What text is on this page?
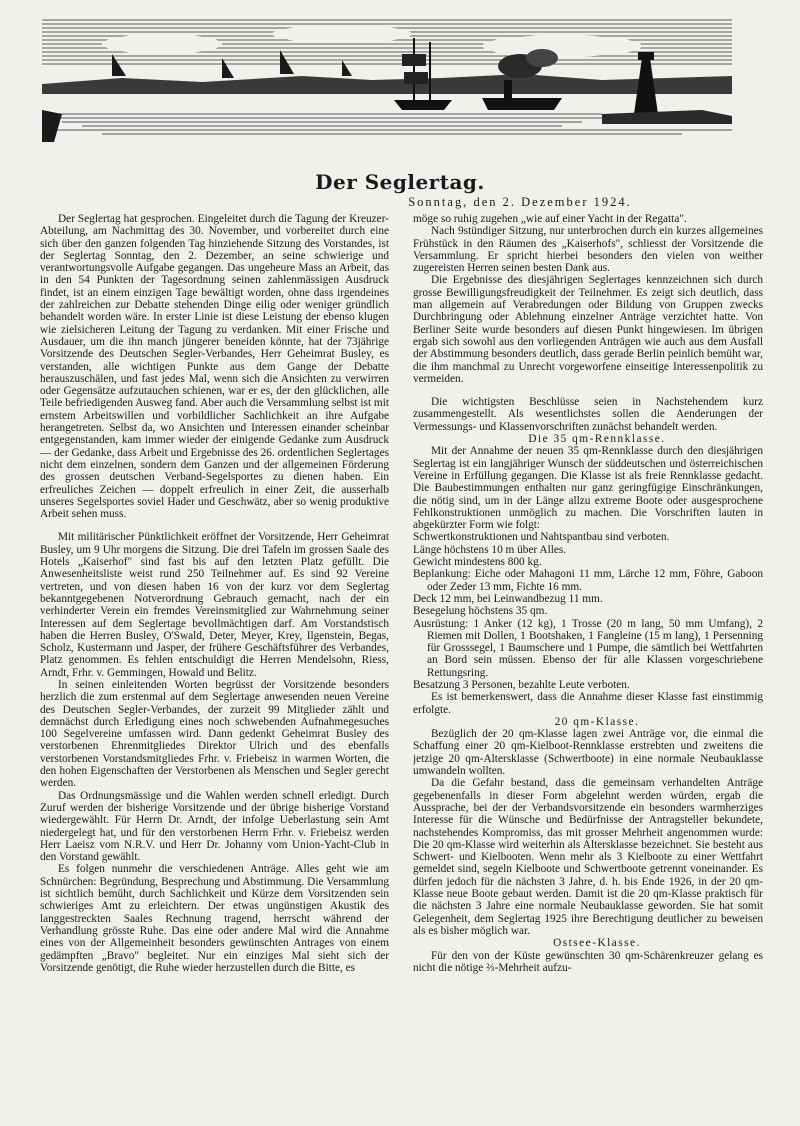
Der Seglertag.
Sonntag, den 2. Dezember 1924.

Der Seglertag hat gesprochen. Eingeleitet durch die Tagung der Kreuzer-Abteilung, am Nachmittag des 30. November, und vorbereitet durch eine sich über den ganzen folgenden Tag hinziehende Sitzung des Vorstandes, ist der Seglertag Sonntag, den 2. Dezember, an seine schwierige und verantwortungsvolle Aufgabe gegangen. Das ungeheure Mass an Arbeit, das in den 54 Punkten der Tagesordnung seinen zahlenmässigen Ausdruck findet, ist an einem einzigen Tage bewältigt worden, ohne dass irgendeines der zahlreichen zur Debatte stehenden Dinge eilig oder weniger gründlich behandelt worden wäre. In erster Linie ist diese Leistung der ebenso klugen wie zielsicheren Leitung der Tagung zu verdanken. Mit einer Frische und Ausdauer, um die ihn manch jüngerer beneiden könnte, hat der 73jährige Vorsitzende des Deutschen Segler-Verbandes, Herr Geheimrat Busley, es verstanden, alle wichtigen Punkte aus dem Gange der Debatte herauszuschälen, und fast jedes Mal, wenn sich die Ansichten zu verwirren oder Gegensätze aufzutauchen schienen, war er es, der den glücklichen, alle Teile befriedigenden Ausweg fand. Aber auch die Versammlung selbst ist mit ernstem Arbeitswillen und vorbildlicher Sachlichkeit an ihre Aufgabe herangetreten. Selbst da, wo Ansichten und Interessen einander scheinbar entgegenstanden, kam immer wieder der einigende Gedanke zum Ausdruck — der Gedanke, dass Arbeit und Ergebnisse des 26. ordentlichen Seglertages nicht dem einzelnen, sondern dem Ganzen und der allgemeinen Förderung des grossen deutschen Verband-Segelsportes zu dienen haben. Ein erfreuliches Zeichen — doppelt erfreulich in einer Zeit, die ausserhalb unseres Segelsportes soviel Hader und Geschwätz, aber so wenig produktive Arbeit sehen muss.

Mit militärischer Pünktlichkeit eröffnet der Vorsitzende, Herr Geheimrat Busley, um 9 Uhr morgens die Sitzung. Die drei Tafeln im grossen Saale des Hotels „Kaiserhof" sind fast bis auf den letzten Platz gefüllt. Die Anwesenheitsliste weist rund 250 Teilnehmer auf. Es sind 92 Vereine vertreten, und von diesen haben 16 von der kurz vor dem Seglertag bekanntgegebenen Notverordnung Gebrauch gemacht, nach der ein verhinderter Verein ein fremdes Vereinsmitglied zur Wahrnehmung seiner Interessen auf dem Seglertage bevollmächtigen darf. Am Vorstandstisch haben die Herren Busley, O'Swald, Deter, Meyer, Krey, Ilgenstein, Begas, Scholz, Kustermann und Jasper, der frühere Geschäftsführer des Verbandes, Platz genommen. Es fehlen entschuldigt die Herren Mendelsohn, Riess, Arndt, Frhr. v. Gemmingen, Howald und Belitz.

In seinen einleitenden Worten begrüsst der Vorsitzende besonders herzlich die zum erstenmal auf dem Seglertage anwesenden neuen Vereine des Deutschen Segler-Verbandes, der zurzeit 99 Mitglieder zählt und demnächst durch Erledigung eines noch schwebenden Aufnahmegesuches 100 Segelvereine umfassen wird. Dann gedenkt Geheimrat Busley des verstorbenen Ehrenmitgliedes Direktor Ulrich und des ebenfalls verstorbenen Vorstandsmitgliedes Frhr. v. Friebeisz in warmen Worten, die den hohen Eigenschaften der Verstorbenen als Menschen und Segler gerecht werden.

Das Ordnungsmässige und die Wahlen werden schnell erledigt. Durch Zuruf werden der bisherige Vorsitzende und der übrige bisherige Vorstand wiedergewählt. Für Herrn Dr. Arndt, der infolge Ueberlastung sein Amt niedergelegt hat, und für den verstorbenen Herrn Frhr. v. Friebeisz werden Herr Laeisz vom N.R.V. und Herr Dr. Johanny vom Union-Yacht-Club in den Vorstand gewählt.

Es folgen nunmehr die verschiedenen Anträge. Alles geht wie am Schnürchen: Begründung, Besprechung und Abstimmung. Die Versammlung ist sichtlich bemüht, durch Sachlichkeit und Kürze dem Vorsitzenden sein schwieriges Amt zu erleichtern. Der etwas ungünstigen Akustik des langgestreckten Saales Rechnung tragend, herrscht während der Verhandlung grösste Ruhe. Das eine oder andere Mal wird die Annahme eines von der Allgemeinheit besonders gewünschten Antrages von einem gedämpften „Bravo" begleitet. Nur ein einziges Mal sieht sich der Vorsitzende genötigt, die Ruhe wieder herzustellen durch die Bitte, es

möge so ruhig zugehen „wie auf einer Yacht in der Regatta".

Nach 9stündiger Sitzung, nur unterbrochen durch ein kurzes allgemeines Frühstück in den Räumen des „Kaiserhofs", schliesst der Vorsitzende die Versammlung. Er spricht hierbei besonders den vielen von weither zugereisten Herren seinen besten Dank aus.

Die Ergebnisse des diesjährigen Seglertages kennzeichnen sich durch grosse Bewilligungsfreudigkeit der Teilnehmer. Es zeigt sich deutlich, dass man allgemein auf Verabredungen oder Bildung von Gruppen zwecks Durchbringung oder Ablehnung einzelner Anträge verzichtet hatte. Von Berliner Seite wurde besonders auf diesen Punkt hingewiesen. Im übrigen ergab sich sowohl aus den vorliegenden Anträgen wie auch aus dem Ausfall der Abstimmung besonders deutlich, dass gerade Berlin peinlich bemüht war, die ihm manchmal zu Unrecht vorgeworfene einseitige Interessenpolitik zu vermeiden.

Die wichtigsten Beschlüsse seien in Nachstehendem kurz zusammengestellt. Als wesentlichstes sollen die Aenderungen der Vermessungs- und Klassenvorschriften zunächst behandelt werden.

Die 35 qm-Rennklasse.

Mit der Annahme der neuen 35 qm-Rennklasse durch den diesjährigen Seglertag ist ein langjähriger Wunsch der süddeutschen und österreichischen Vereine in Erfüllung gegangen. Die Klasse ist als freie Rennklasse gedacht. Die Baubestimmungen enthalten nur ganz geringfügige Einschränkungen, die nötig sind, um in der Länge allzu extreme Boote oder ausgesprochene Fehlkonstruktionen unmöglich zu machen. Die Vorschriften lauten in abgekürzter Form wie folgt:

Schwertkonstruktionen und Nahtspantbau sind verboten.
Länge höchstens 10 m über Alles.
Gewicht mindestens 800 kg.
Beplankung: Eiche oder Mahagoni 11 mm, Lärche 12 mm, Föhre, Gaboon oder Zeder 13 mm, Fichte 16 mm.
Deck 12 mm, bei Leinwandbezug 11 mm.
Besegelung höchstens 35 qm.
Ausrüstung: 1 Anker (12 kg), 1 Trosse (20 m lang, 50 mm Umfang), 2 Riemen mit Dollen, 1 Bootshaken, 1 Fangleine (15 m lang), 1 Persenning für Grosssegel, 1 Baumschere und 1 Pumpe, die sämtlich bei Wettfahrten an Bord sein müssen. Ebenso der für alle Klassen vorgeschriebene Rettungsring.
Besatzung 3 Personen, bezahlte Leute verboten.

Es ist bemerkenswert, dass die Annahme dieser Klasse fast einstimmig erfolgte.

20 qm-Klasse.

Bezüglich der 20 qm-Klasse lagen zwei Anträge vor, die einmal die Schaffung einer 20 qm-Kielboot-Rennklasse erstrebten und zweitens die jetzige 20 qm-Altersklasse (Schwertboote) in eine normale Neubauklasse umwandeln wollten.

Da die Gefahr bestand, dass die gemeinsam verhandelten Anträge gegebenenfalls in dieser Form abgelehnt werden würden, ergab die Aussprache, bei der der Verbandsvorsitzende ein besonders warmherziges Interesse für die Wünsche und Bedürfnisse der Antragsteller bekundete, nachstehendes Kompromiss, das mit grosser Mehrheit angenommen wurde: Die 20 qm-Klasse wird weiterhin als Altersklasse bezeichnet. Sie besteht aus Schwert- und Kielbooten. Wenn mehr als 3 Kielboote zu einer Wettfahrt gemeldet sind, segeln Kielboote und Schwertboote getrennt voneinander. Es dürfen jedoch für die nächsten 3 Jahre, d. h. bis Ende 1926, in der 20 qm-Klasse neue Boote gebaut werden. Damit ist die 20 qm-Klasse praktisch für die nächsten 3 Jahre eine normale Neubauklasse geworden. Sie hat somit Gelegenheit, dem Seglertag 1925 ihre Berechtigung deutlicher zu beweisen als es bisher möglich war.

Ostsee-Klasse.

Für den von der Küste gewünschten 30 qm-Schärenkreuzer gelang es nicht die nötige ⅔-Mehrheit aufzu-
